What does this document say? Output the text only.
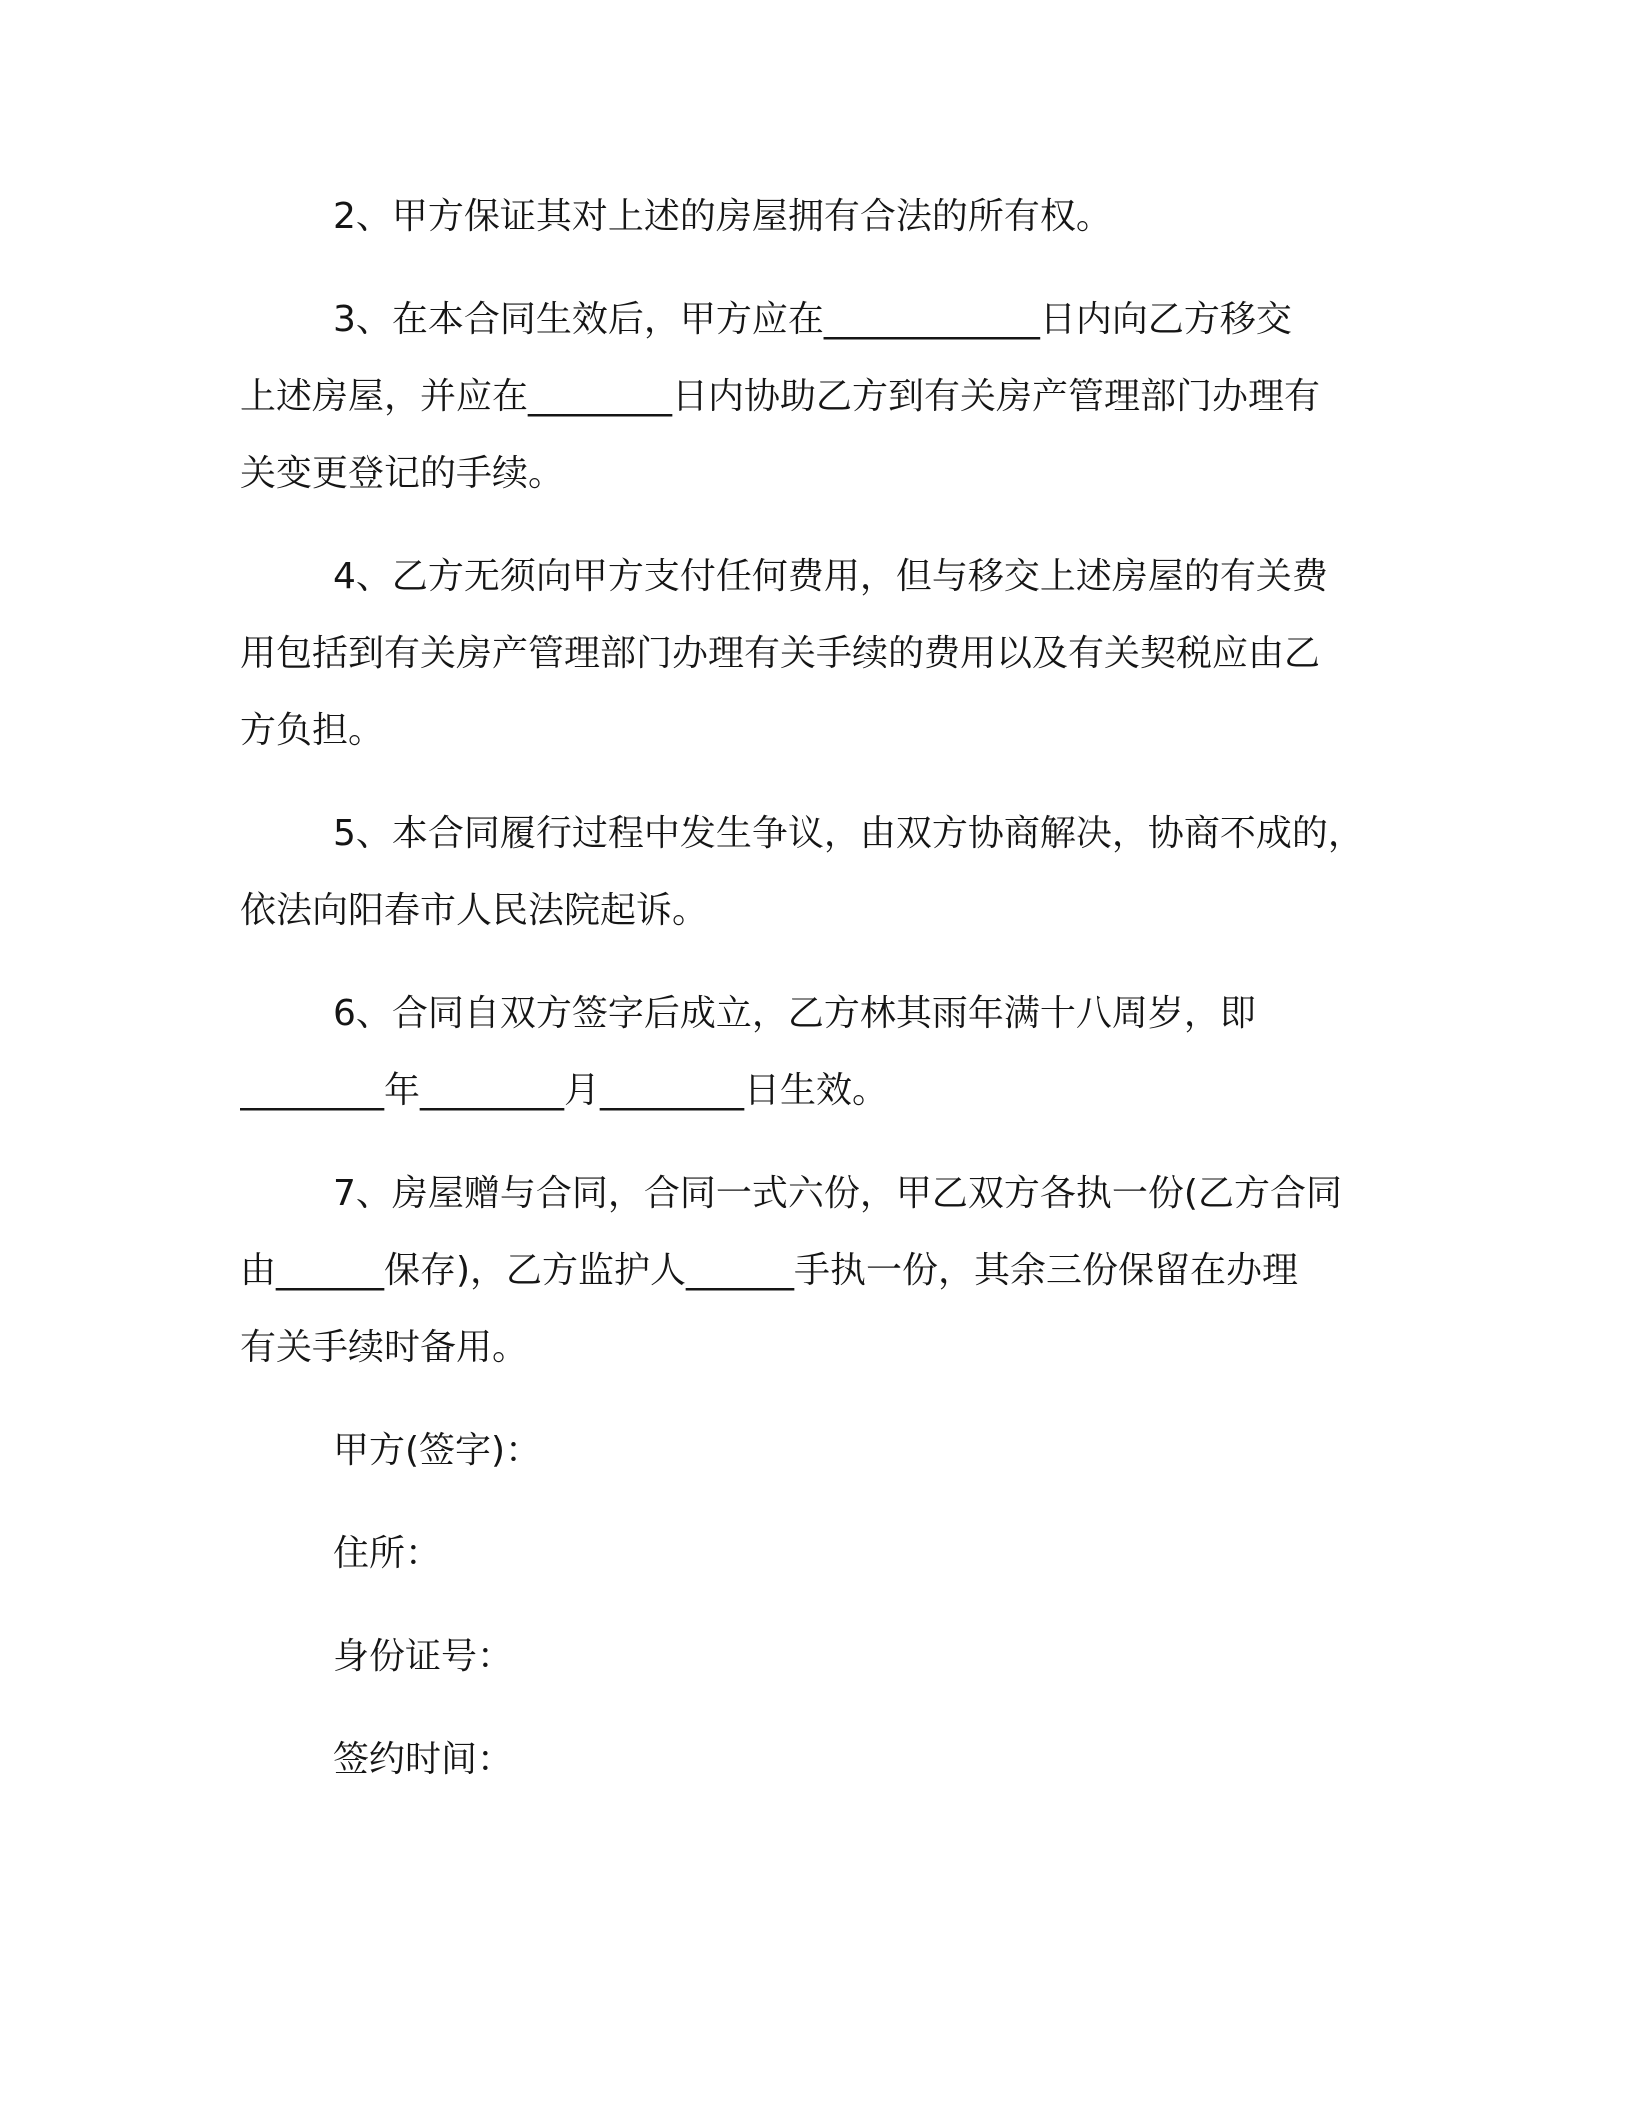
2、甲方保证其对上述的房屋拥有合法的所有权。
3、在本合同生效后，甲方应在____________日内向乙方移交
上述房屋，并应在________日内协助乙方到有关房产管理部门办理有
关变更登记的手续。
4、乙方无须向甲方支付任何费用，但与移交上述房屋的有关费
用包括到有关房产管理部门办理有关手续的费用以及有关契税应由乙
方负担。
5、本合同履行过程中发生争议，由双方协商解决，协商不成的，
依法向阳春市人民法院起诉。
6、合同自双方签字后成立，乙方林其雨年满十八周岁，即
________年________月________日生效。
7、房屋赠与合同，合同一式六份，甲乙双方各执一份(乙方合同
由______保存)，乙方监护人______手执一份，其余三份保留在办理
有关手续时备用。
甲方(签字)：
住所：
身份证号：
签约时间：
